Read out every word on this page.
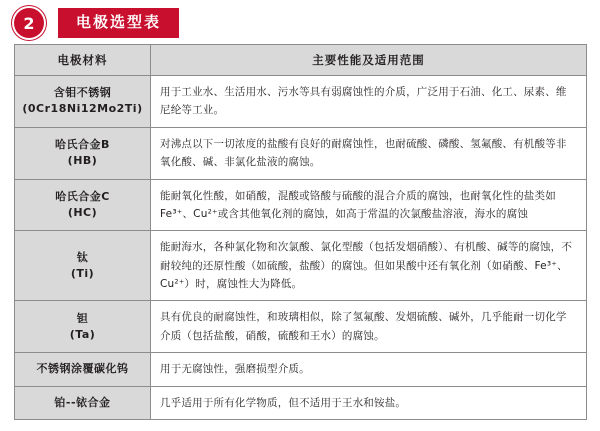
2	电极选型表
电极材料	主要性能及适用范围

含钼不锈钢
(0Cr18Ni12Mo2Ti)	用于工业水、生活用水、污水等具有弱腐蚀性的介质，广泛用于石油、化工、尿素、维尼纶等工业。

哈氏合金B
(HB)	对沸点以下一切浓度的盐酸有良好的耐腐蚀性，也耐硫酸、磷酸、氢氟酸、有机酸等非氧化酸、碱、非氯化盐液的腐蚀。

哈氏合金C
(HC)	能耐氧化性酸，如硝酸，混酸或铬酸与硫酸的混合介质的腐蚀，也耐氧化性的盐类如Fe³⁺、Cu²⁺或含其他氧化剂的腐蚀，如高于常温的次氯酸盐溶液，海水的腐蚀

钛
(Ti)	能耐海水，各种氯化物和次氯酸、氯化型酸（包括发烟硝酸）、有机酸、碱等的腐蚀，不耐较纯的还原性酸（如硫酸，盐酸）的腐蚀。但如果酸中还有氧化剂（如硝酸、Fe³⁺、Cu²⁺）时，腐蚀性大为降低。

钽
(Ta)	具有优良的耐腐蚀性，和玻璃相似，除了氢氟酸、发烟硫酸、碱外，几乎能耐一切化学介质（包括盐酸，硝酸，硫酸和王水）的腐蚀。

不锈钢涂覆碳化钨	用于无腐蚀性，强磨损型介质。

铂--铱合金	几乎适用于所有化学物质，但不适用于王水和铵盐。
